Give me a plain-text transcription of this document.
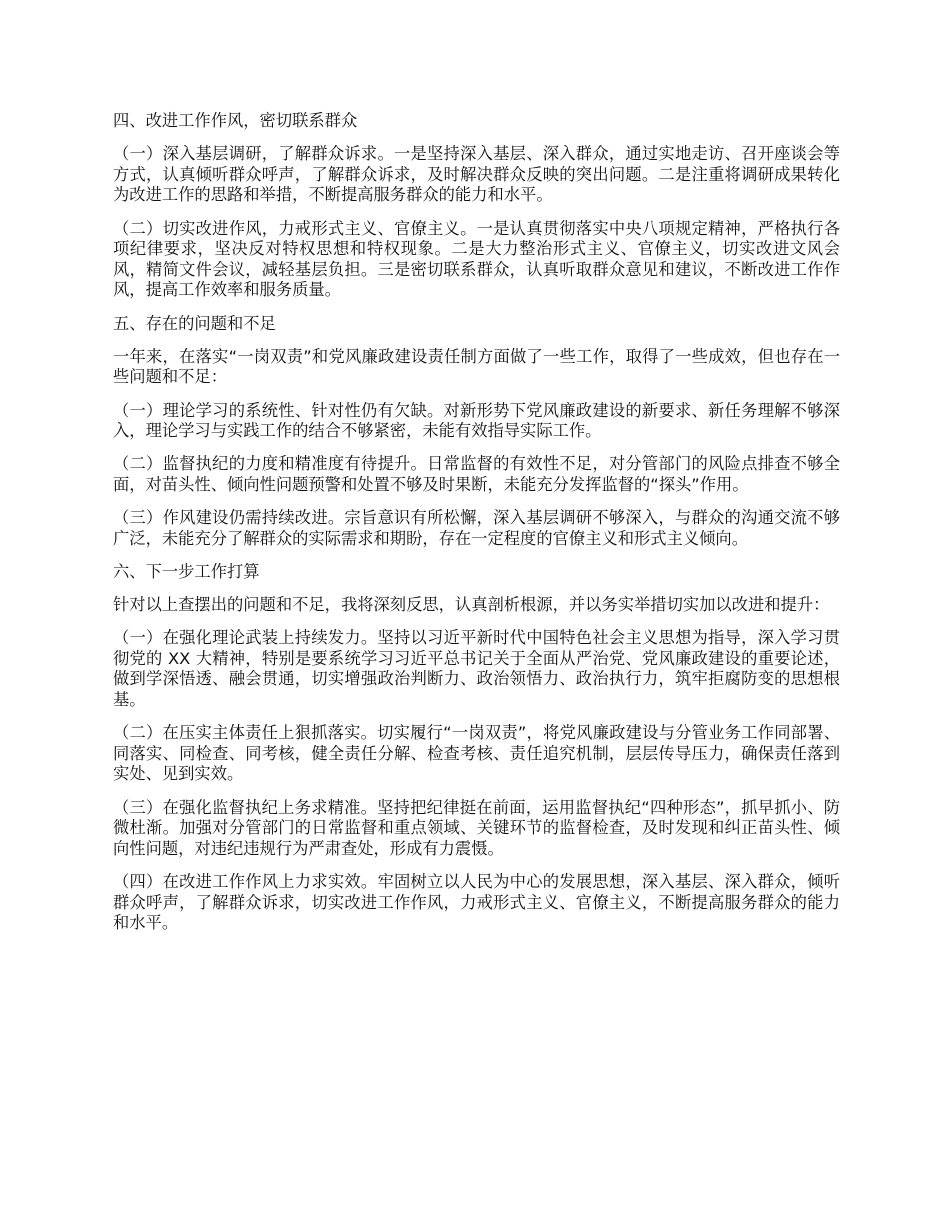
四、改进工作作风，密切联系群众
（一）深入基层调研，了解群众诉求。一是坚持深入基层、深入群众，通过实地走访、召开座谈会等方式，认真倾听群众呼声，了解群众诉求，及时解决群众反映的突出问题。二是注重将调研成果转化为改进工作的思路和举措，不断提高服务群众的能力和水平。
（二）切实改进作风，力戒形式主义、官僚主义。一是认真贯彻落实中央八项规定精神，严格执行各项纪律要求，坚决反对特权思想和特权现象。二是大力整治形式主义、官僚主义，切实改进文风会风，精简文件会议，减轻基层负担。三是密切联系群众，认真听取群众意见和建议，不断改进工作作风，提高工作效率和服务质量。
五、存在的问题和不足
一年来，在落实“一岗双责”和党风廉政建设责任制方面做了一些工作，取得了一些成效，但也存在一些问题和不足：
（一）理论学习的系统性、针对性仍有欠缺。对新形势下党风廉政建设的新要求、新任务理解不够深入，理论学习与实践工作的结合不够紧密，未能有效指导实际工作。
（二）监督执纪的力度和精准度有待提升。日常监督的有效性不足，对分管部门的风险点排查不够全面，对苗头性、倾向性问题预警和处置不够及时果断，未能充分发挥监督的“探头”作用。
（三）作风建设仍需持续改进。宗旨意识有所松懈，深入基层调研不够深入，与群众的沟通交流不够广泛，未能充分了解群众的实际需求和期盼，存在一定程度的官僚主义和形式主义倾向。
六、下一步工作打算
针对以上查摆出的问题和不足，我将深刻反思，认真剖析根源，并以务实举措切实加以改进和提升：
（一）在强化理论武装上持续发力。坚持以习近平新时代中国特色社会主义思想为指导，深入学习贯彻党的 XX 大精神，特别是要系统学习习近平总书记关于全面从严治党、党风廉政建设的重要论述，做到学深悟透、融会贯通，切实增强政治判断力、政治领悟力、政治执行力，筑牢拒腐防变的思想根基。
（二）在压实主体责任上狠抓落实。切实履行“一岗双责”，将党风廉政建设与分管业务工作同部署、同落实、同检查、同考核，健全责任分解、检查考核、责任追究机制，层层传导压力，确保责任落到实处、见到实效。
（三）在强化监督执纪上务求精准。坚持把纪律挺在前面，运用监督执纪“四种形态”，抓早抓小、防微杜渐。加强对分管部门的日常监督和重点领域、关键环节的监督检查，及时发现和纠正苗头性、倾向性问题，对违纪违规行为严肃查处，形成有力震慑。
（四）在改进工作作风上力求实效。牢固树立以人民为中心的发展思想，深入基层、深入群众，倾听群众呼声，了解群众诉求，切实改进工作作风，力戒形式主义、官僚主义，不断提高服务群众的能力和水平。
